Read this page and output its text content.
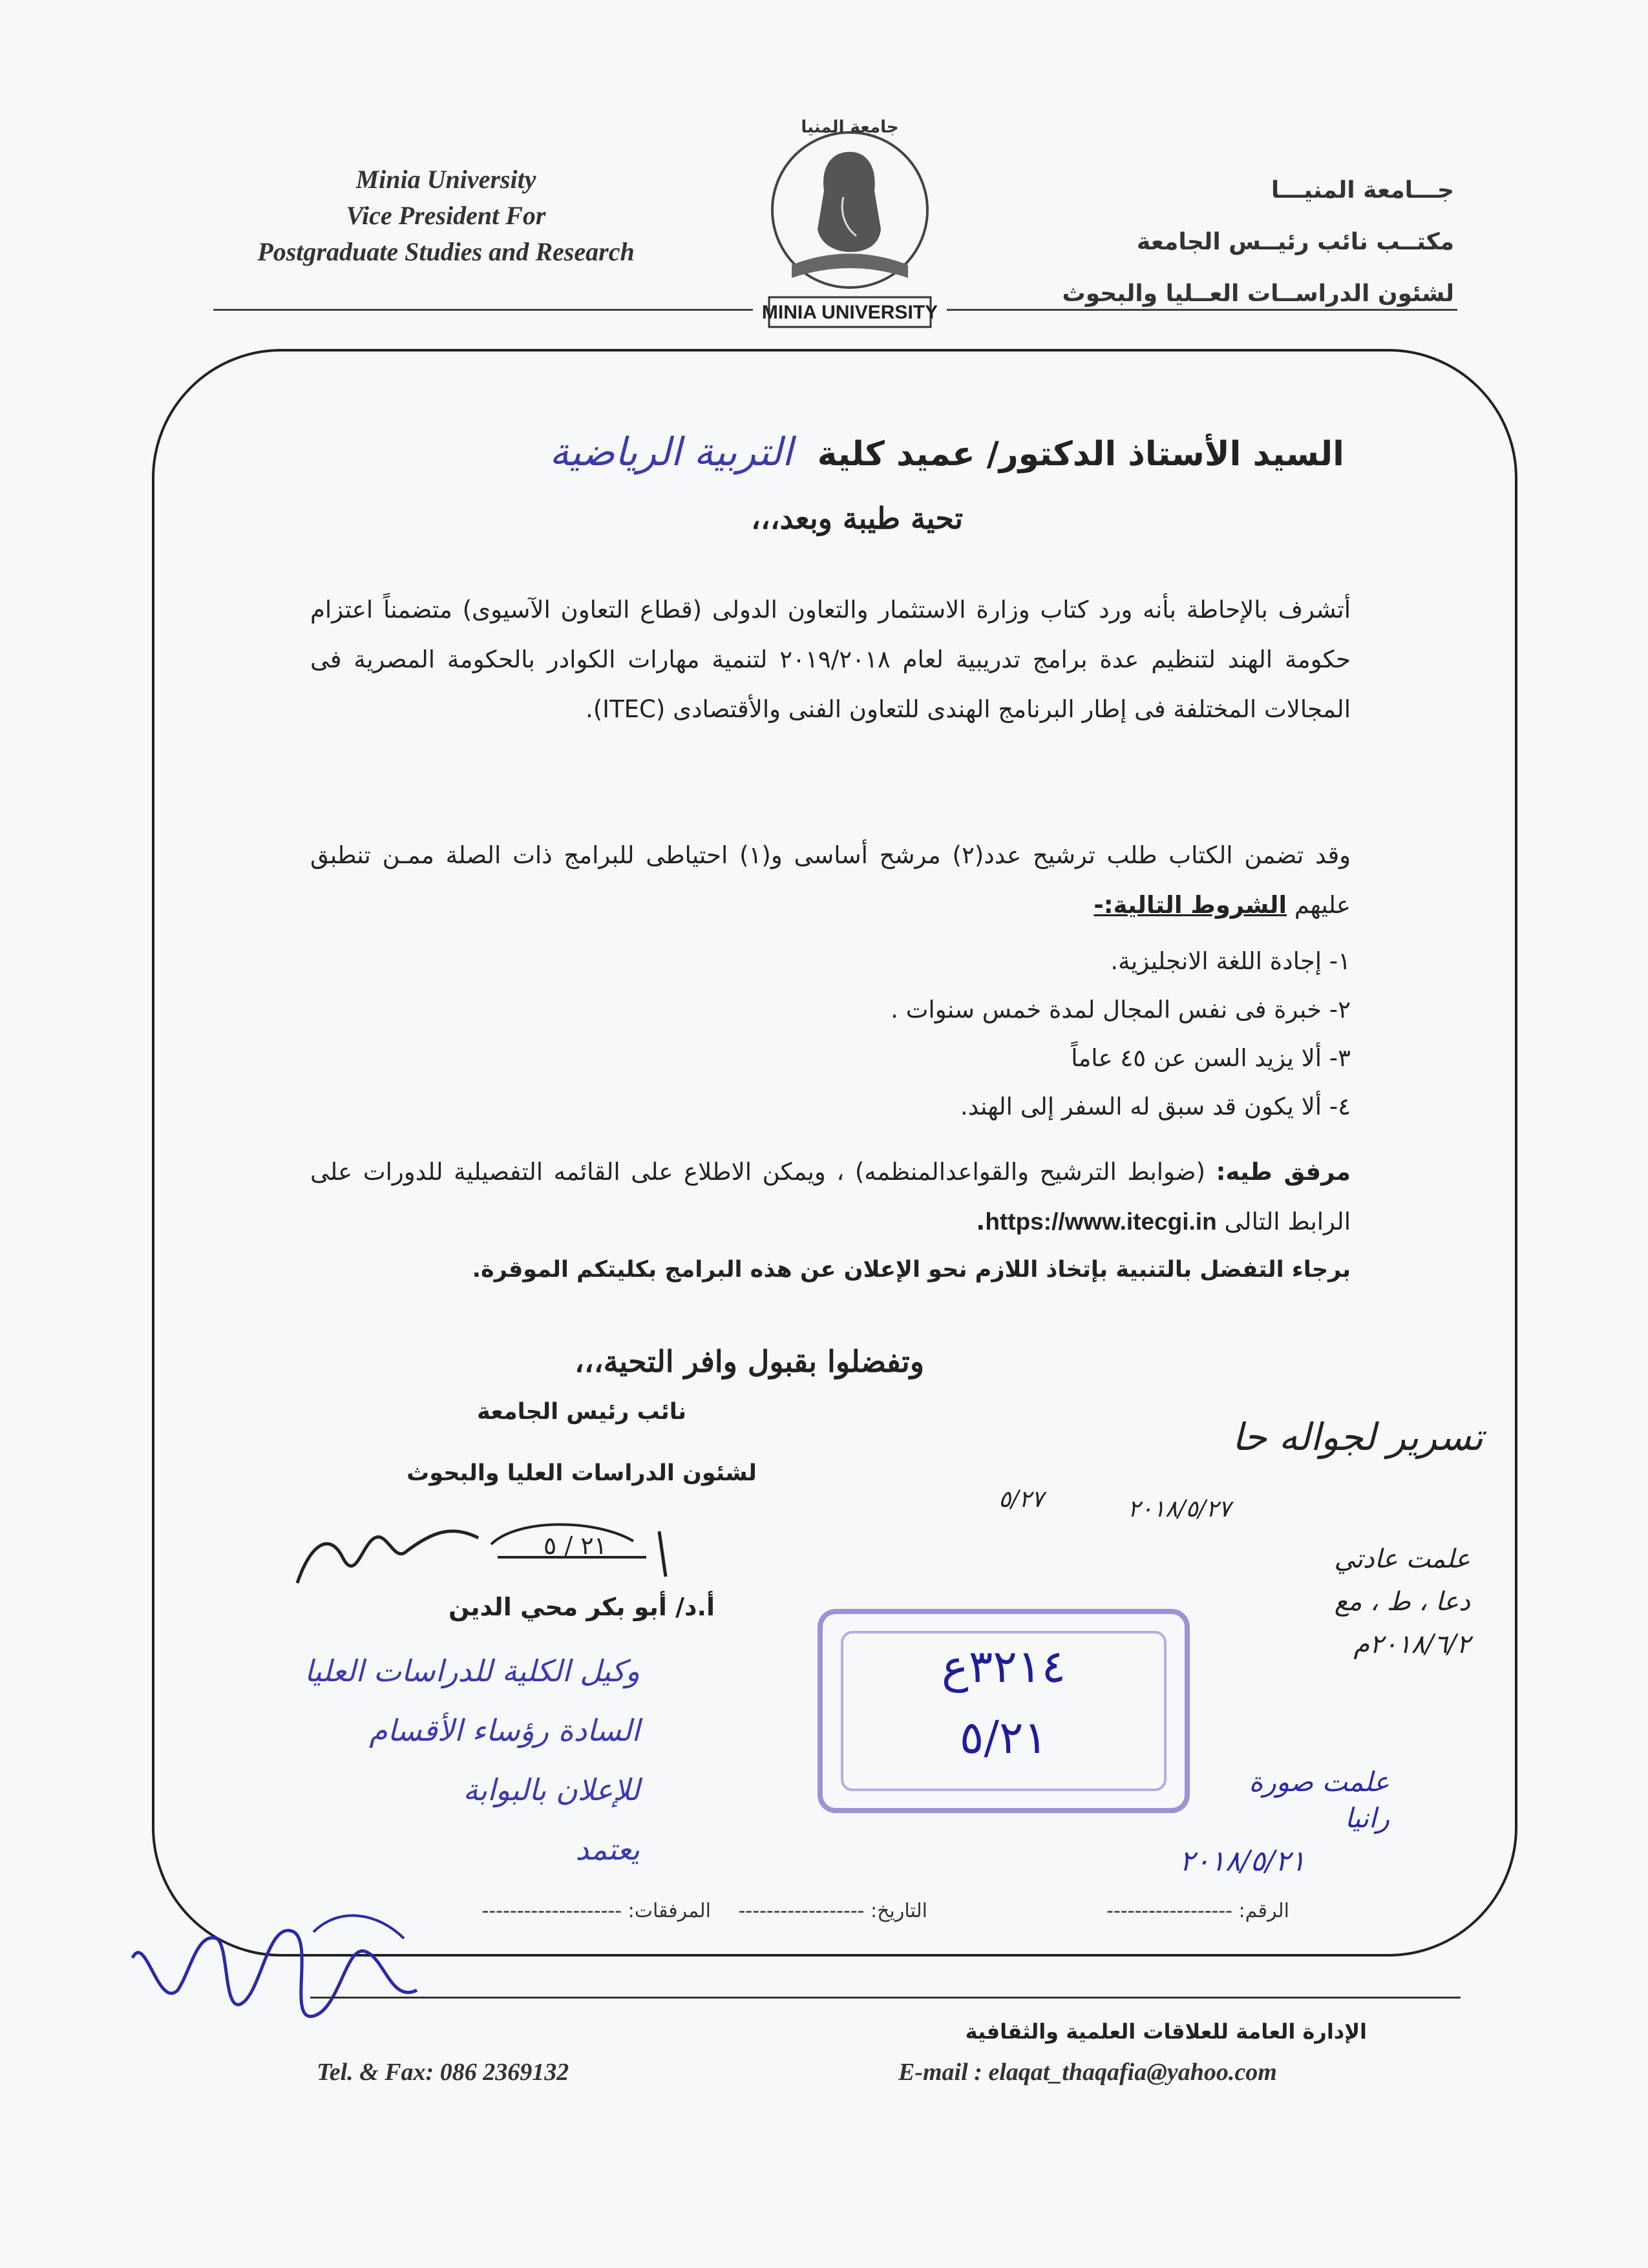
Minia University
Vice President For
Postgraduate Studies and Research
جامعة المنيا
MINIA UNIVERSITY
جـــامعة المنيـــا
مكتــب نائب رئيــس الجامعة
لشئون الدراســات العــليا والبحوث
السيد الأستاذ الدكتور/ عميد كلية التربية الرياضية
تحية طيبة وبعد،،،
أتشرف بالإحاطة بأنه ورد كتاب وزارة الاستثمار والتعاون الدولى (قطاع التعاون الآسيوى) متضمناً اعتزام حكومة الهند لتنظيم عدة برامج تدريبية لعام ٢٠١٩/٢٠١٨ لتنمية مهارات الكوادر بالحكومة المصرية فى المجالات المختلفة فى إطار البرنامج الهندى للتعاون الفنى والأقتصادى (ITEC).
وقد تضمن الكتاب طلب ترشيح عدد(٢) مرشح أساسى و(١) احتياطى للبرامج ذات الصلة ممـن تنطبق عليهم الشروط التالية:-
١- إجادة اللغة الانجليزية.
٢- خبرة فى نفس المجال لمدة خمس سنوات .
٣- ألا يزيد السن عن ٤٥ عاماً
٤- ألا يكون قد سبق له السفر إلى الهند.
مرفق طيه: (ضوابط الترشيح والقواعدالمنظمه) ، ويمكن الاطلاع على القائمه التفصيلية للدورات على الرابط التالى https://www.itecgi.in.
برجاء التفضل بالتنبية بإتخاذ اللازم نحو الإعلان عن هذه البرامج بكليتكم الموقرة.
وتفضلوا بقبول وافر التحية،،،
نائب رئيس الجامعة
لشئون الدراسات العليا والبحوث
٢١ / ٥
أ.د/ أبو بكر محي الدين
تسرير لجواله حا
٥/٢٧	٢٠١٨/٥/٢٧
علمت عادتي
دعا ، ط ، مع
٢٠١٨/٦/٢م
٣٢١٤ع
٥/٢١
وكيل الكلية للدراسات العليا
السادة رؤساء الأقسام
للإعلان بالبوابة
يعتمد
علمت صورة
رانيا
٢٠١٨/٥/٢١
الرقم: ------------------
التاريخ: ------------------
المرفقات: --------------------
الإدارة العامة للعلاقات العلمية والثقافية
Tel. & Fax: 086 2369132	E-mail : elaqat_thaqafia@yahoo.com
